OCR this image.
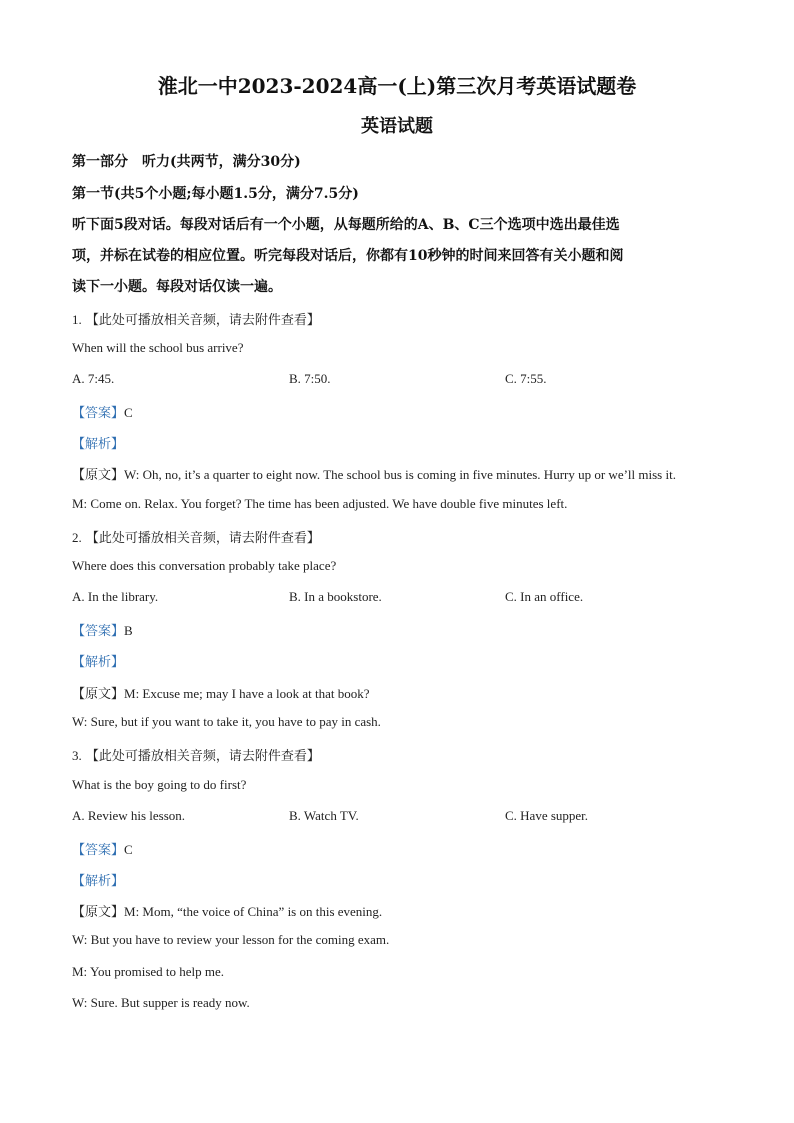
淮北一中2023-2024高一(上)第三次月考英语试题卷
英语试题
第一部分　听力(共两节，满分30分)
第一节(共5个小题;每小题1.5分，满分7.5分)
听下面5段对话。每段对话后有一个小题，从每题所给的A、B、C三个选项中选出最佳选
项，并标在试卷的相应位置。听完每段对话后，你都有10秒钟的时间来回答有关小题和阅
读下一小题。每段对话仅读一遍。
1. 【此处可播放相关音频，请去附件查看】
When will the school bus arrive?
A. 7:45.	B. 7:50.	C. 7:55.
【答案】C
【解析】
【原文】W: Oh, no, it’s a quarter to eight now. The school bus is coming in five minutes. Hurry up or we’ll miss it.
M: Come on. Relax. You forget? The time has been adjusted. We have double five minutes left.
2. 【此处可播放相关音频，请去附件查看】
Where does this conversation probably take place?
A. In the library.	B. In a bookstore.	C. In an office.
【答案】B
【解析】
【原文】M: Excuse me; may I have a look at that book?
W: Sure, but if you want to take it, you have to pay in cash.
3. 【此处可播放相关音频，请去附件查看】
What is the boy going to do first?
A. Review his lesson.	B. Watch TV.	C. Have supper.
【答案】C
【解析】
【原文】M: Mom, “the voice of China” is on this evening.
W: But you have to review your lesson for the coming exam.
M: You promised to help me.
W: Sure. But supper is ready now.
